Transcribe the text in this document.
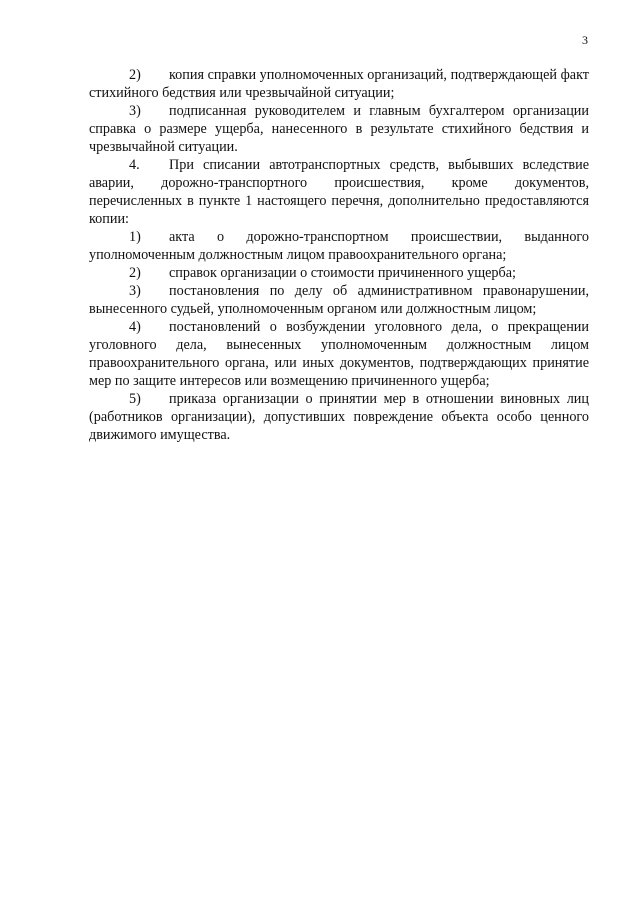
3

2) копия справки уполномоченных организаций, подтверждающей факт стихийного бедствия или чрезвычайной ситуации;

3) подписанная руководителем и главным бухгалтером организации справка о размере ущерба, нанесенного в результате стихийного бедствия и чрезвычайной ситуации.

4. При списании автотранспортных средств, выбывших вследствие аварии, дорожно-транспортного происшествия, кроме документов, перечисленных в пункте 1 настоящего перечня, дополнительно предоставляются копии:

1) акта о дорожно-транспортном происшествии, выданного уполномоченным должностным лицом правоохранительного органа;

2) справок организации о стоимости причиненного ущерба;

3) постановления по делу об административном правонарушении, вынесенного судьей, уполномоченным органом или должностным лицом;

4) постановлений о возбуждении уголовного дела, о прекращении уголовного дела, вынесенных уполномоченным должностным лицом правоохранительного органа, или иных документов, подтверждающих принятие мер по защите интересов или возмещению причиненного ущерба;

5) приказа организации о принятии мер в отношении виновных лиц (работников организации), допустивших повреждение объекта особо ценного движимого имущества.
